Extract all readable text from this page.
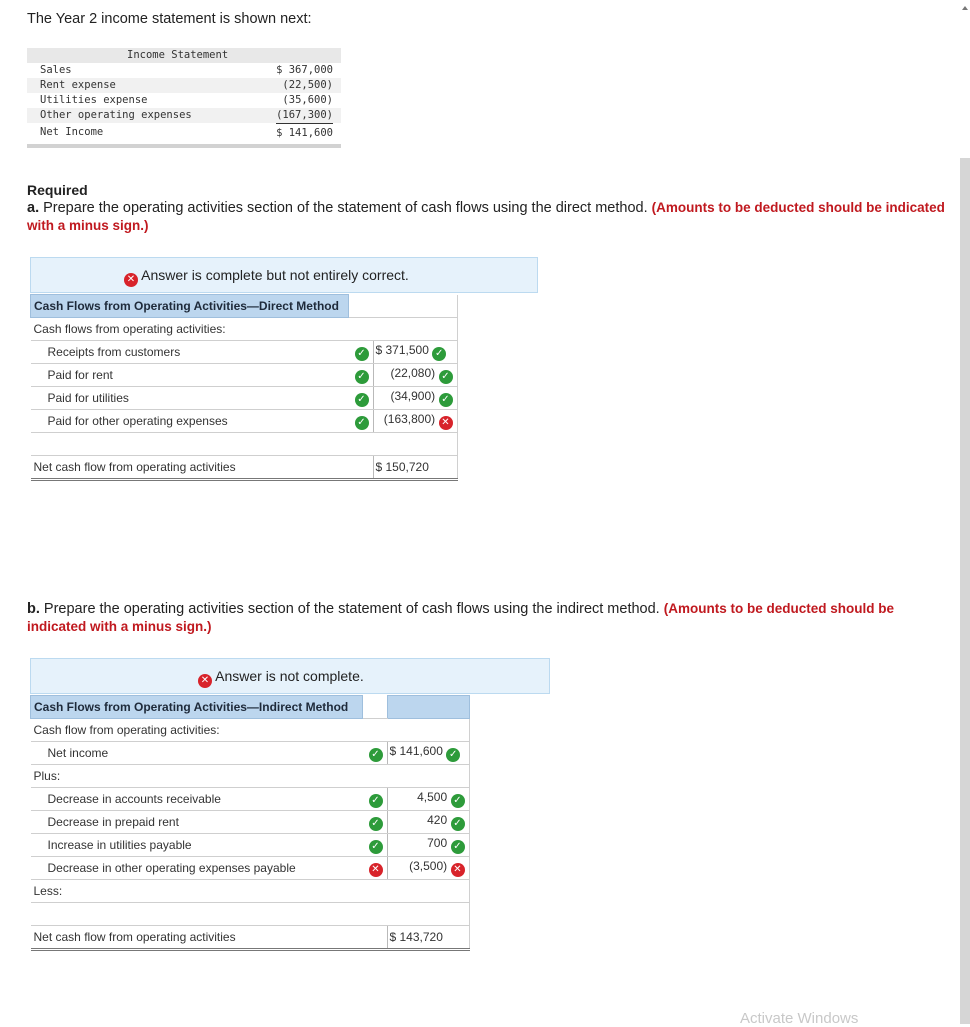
The Year 2 income statement is shown next:
Income Statement
Sales	$ 367,000
Rent expense	(22,500)
Utilities expense	(35,600)
Other operating expenses	(167,300)
Net Income	$ 141,600
Required
a. Prepare the operating activities section of the statement of cash flows using the direct method. (Amounts to be deducted should be indicated with a minus sign.)
✕ Answer is complete but not entirely correct.
Cash Flows from Operating Activities—Direct Method		
Cash flows from operating activities:		
Receipts from customers	✓	$ 371,500 ✓
Paid for rent	✓	(22,080) ✓
Paid for utilities	✓	(34,900) ✓
Paid for other operating expenses	✓	(163,800) ✕

Net cash flow from operating activities		$ 150,720
b. Prepare the operating activities section of the statement of cash flows using the indirect method. (Amounts to be deducted should be indicated with a minus sign.)
✕ Answer is not complete.
Cash Flows from Operating Activities—Indirect Method		
Cash flow from operating activities:		
Net income	✓	$ 141,600 ✓
Plus:		
Decrease in accounts receivable	✓	4,500 ✓
Decrease in prepaid rent	✓	420 ✓
Increase in utilities payable	✓	700 ✓
Decrease in other operating expenses payable	✕	(3,500) ✕
Less:		

Net cash flow from operating activities		$ 143,720
Activate Windows
